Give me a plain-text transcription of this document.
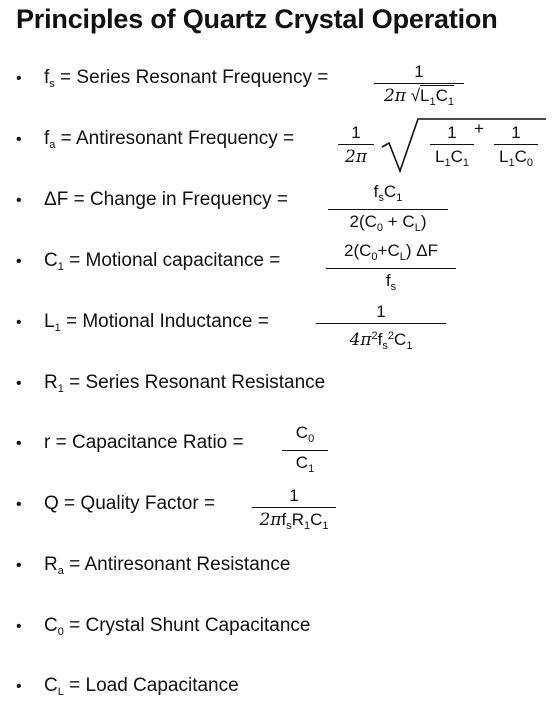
Principles of Quartz Crystal Operation
• $f_s$ = Series Resonant Frequency =	1
2π $√L_1C_1$
• $f_a$ = Antiresonant Frequency =	1
2π
1
$L_1C_1$
+	1
$L_1C_0$
• ΔF = Change in Frequency =	$f_sC_1$
$2(C_0 + C_L)$
• $C_1$ = Motional capacitance =	$2(C_0+C_L)$ ΔF
$f_s$
• $L_1$ = Motional Inductance =	1
$4\pi^2f_s^2C_1$
• $R_1$ = Series Resonant Resistance
• r = Capacitance Ratio =	$C_0$
$C_1$
• Q = Quality Factor =	1
$2\pi f_sR_1C_1$
• $R_a$ = Antiresonant Resistance
• $C_0$ = Crystal Shunt Capacitance
• $C_L$ = Load Capacitance
